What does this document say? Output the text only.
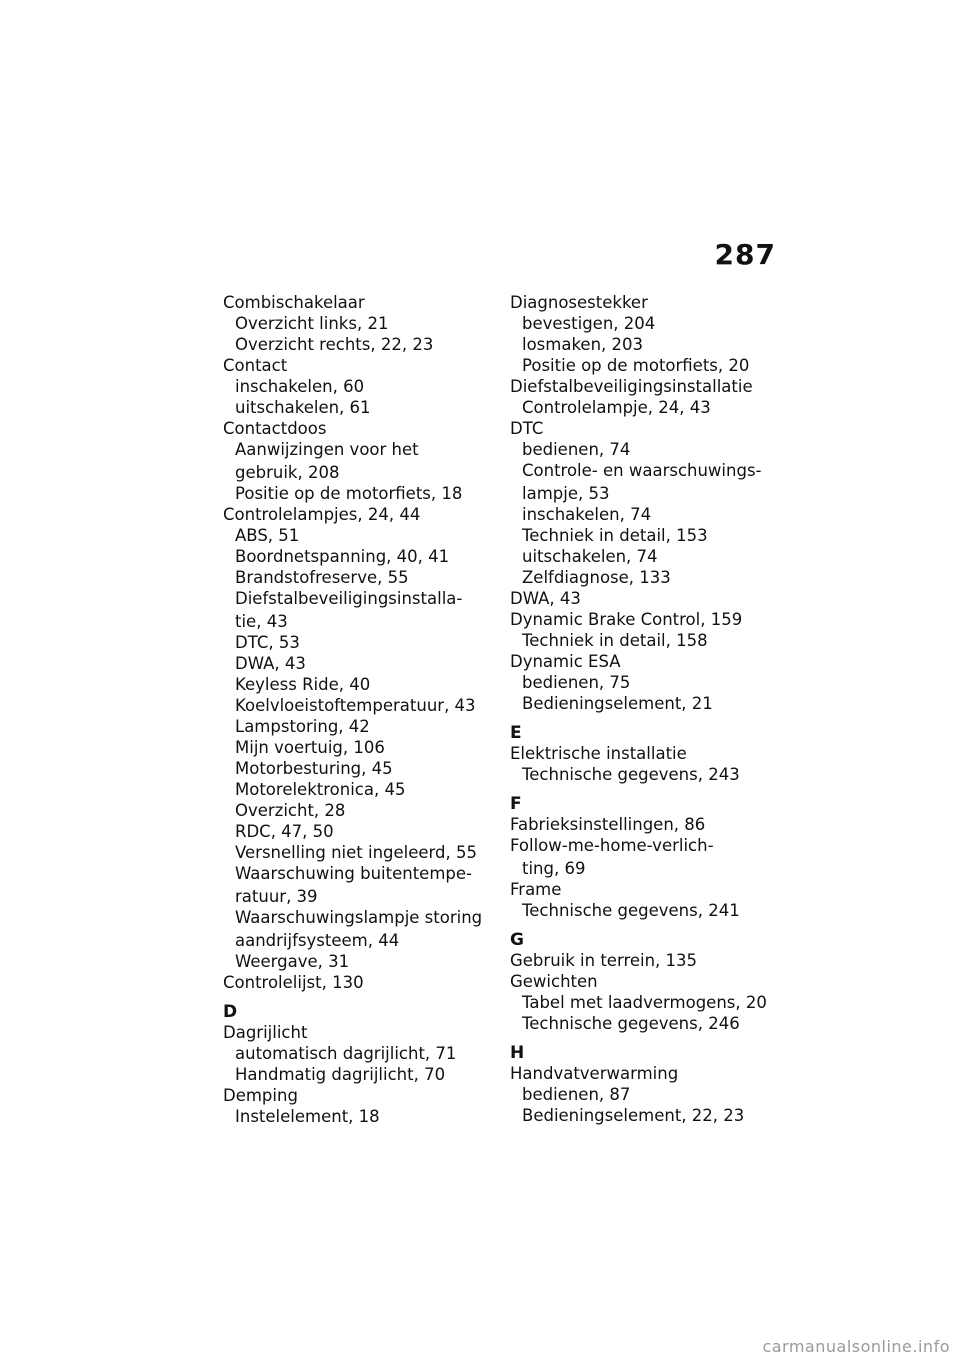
287
Combischakelaar
Overzicht links, 21
Overzicht rechts, 22, 23
Contact
inschakelen, 60
uitschakelen, 61
Contactdoos
Aanwijzingen voor het
gebruik, 208
Positie op de motorfiets, 18
Controlelampjes, 24, 44
ABS, 51
Boordnetspanning, 40, 41
Brandstofreserve, 55
Diefstalbeveiligingsinstalla-
tie, 43
DTC, 53
DWA, 43
Keyless Ride, 40
Koelvloeistoftemperatuur, 43
Lampstoring, 42
Mijn voertuig, 106
Motorbesturing, 45
Motorelektronica, 45
Overzicht, 28
RDC, 47, 50
Versnelling niet ingeleerd, 55
Waarschuwing buitentempe-
ratuur, 39
Waarschuwingslampje storing
aandrijfsysteem, 44
Weergave, 31
Controlelijst, 130
D
Dagrijlicht
automatisch dagrijlicht, 71
Handmatig dagrijlicht, 70
Demping
Instelelement, 18
Diagnosestekker
bevestigen, 204
losmaken, 203
Positie op de motorfiets, 20
Diefstalbeveiligingsinstallatie
Controlelampje, 24, 43
DTC
bedienen, 74
Controle- en waarschuwings-
lampje, 53
inschakelen, 74
Techniek in detail, 153
uitschakelen, 74
Zelfdiagnose, 133
DWA, 43
Dynamic Brake Control, 159
Techniek in detail, 158
Dynamic ESA
bedienen, 75
Bedieningselement, 21
E
Elektrische installatie
Technische gegevens, 243
F
Fabrieksinstellingen, 86
Follow-me-home-verlich-
ting, 69
Frame
Technische gegevens, 241
G
Gebruik in terrein, 135
Gewichten
Tabel met laadvermogens, 20
Technische gegevens, 246
H
Handvatverwarming
bedienen, 87
Bedieningselement, 22, 23
carmanualsonline.info
